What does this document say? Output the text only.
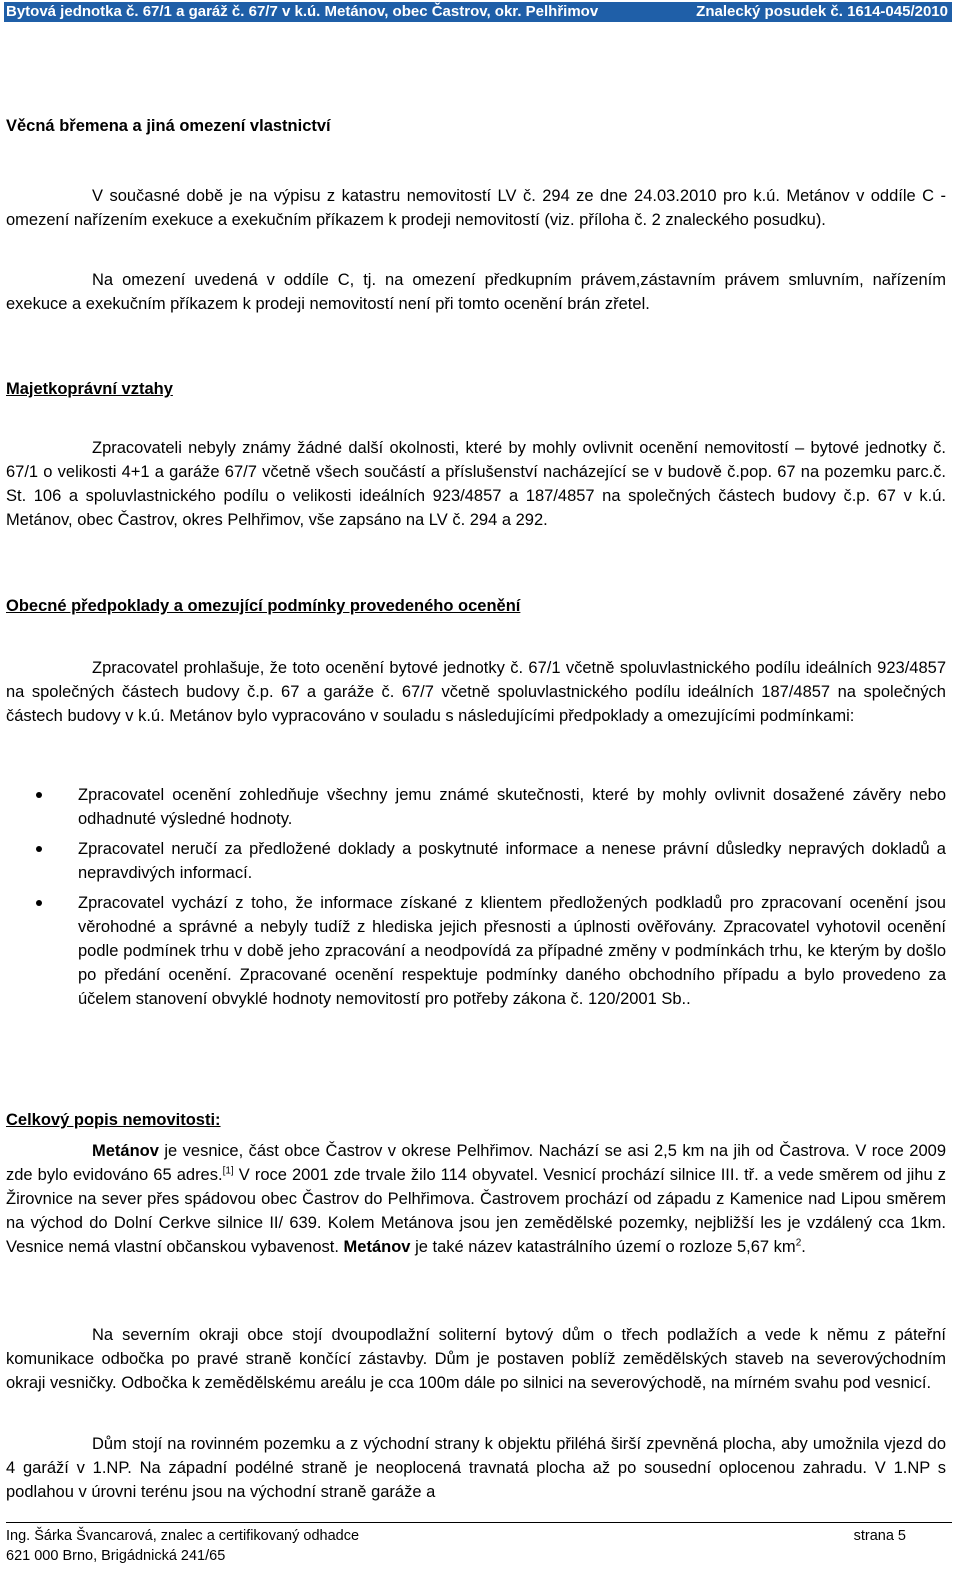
Bytová jednotka č. 67/1 a garáž č. 67/7 v k.ú. Metánov, obec Častrov, okr. Pelhřimov	Znalecký posudek č. 1614-045/2010
Věcná břemena a jiná omezení vlastnictví

V současné době je na výpisu z katastru nemovitostí LV č. 294 ze dne 24.03.2010 pro k.ú. Metánov v oddíle C - omezení nařízením exekuce a exekučním příkazem k prodeji nemovitostí (viz. příloha č. 2 znaleckého posudku).

Na omezení uvedená v oddíle C, tj. na omezení předkupním právem,zástavním právem smluvním, nařízením exekuce a exekučním příkazem k prodeji nemovitostí není při tomto ocenění brán zřetel.

Majetkoprávní vztahy

Zpracovateli nebyly známy žádné další okolnosti, které by mohly ovlivnit ocenění nemovitostí – bytové jednotky č. 67/1 o velikosti 4+1 a garáže 67/7 včetně všech součástí a příslušenství nacházející se v budově č.pop. 67 na pozemku parc.č. St. 106 a spoluvlastnického podílu o velikosti ideálních 923/4857 a 187/4857 na společných částech budovy č.p. 67 v k.ú. Metánov, obec Častrov, okres Pelhřimov, vše zapsáno na LV č. 294 a 292.

Obecné předpoklady a omezující podmínky provedeného ocenění

Zpracovatel prohlašuje, že toto ocenění bytové jednotky č. 67/1 včetně spoluvlastnického podílu ideálních 923/4857 na společných částech budovy č.p. 67 a garáže č. 67/7 včetně spoluvlastnického podílu ideálních 187/4857 na společných částech budovy v k.ú. Metánov bylo vypracováno v souladu s následujícími předpoklady a omezujícími podmínkami:

Zpracovatel ocenění zohledňuje všechny jemu známé skutečnosti, které by mohly ovlivnit dosažené závěry nebo odhadnuté výsledné hodnoty.
Zpracovatel neručí za předložené doklady a poskytnuté informace a nenese právní důsledky nepravých dokladů a nepravdivých informací.
Zpracovatel vychází z toho, že informace získané z klientem předložených podkladů pro zpracovaní ocenění jsou věrohodné a správné a nebyly tudíž z hlediska jejich přesnosti a úplnosti ověřovány. Zpracovatel vyhotovil ocenění podle podmínek trhu v době jeho zpracování a neodpovídá za případné změny v podmínkách trhu, ke kterým by došlo po předání ocenění. Zpracované ocenění respektuje podmínky daného obchodního případu a bylo provedeno za účelem stanovení obvyklé hodnoty nemovitostí pro potřeby zákona č. 120/2001 Sb..
Celkový popis nemovitosti:

Metánov je vesnice, část obce Častrov v okrese Pelhřimov. Nachází se asi 2,5 km na jih od Častrova. V roce 2009 zde bylo evidováno 65 adres.[1] V roce 2001 zde trvale žilo 114 obyvatel. Vesnicí prochází silnice III. tř. a vede směrem od jihu z Žirovnice na sever přes spádovou obec Častrov do Pelhřimova. Častrovem prochází od západu z Kamenice nad Lipou směrem na východ do Dolní Cerkve silnice II/ 639. Kolem Metánova jsou jen zemědělské pozemky, nejbližší les je vzdálený cca 1km. Vesnice nemá vlastní občanskou vybavenost. Metánov je také název katastrálního území o rozloze 5,67 $km^2$.

Na severním okraji obce stojí dvoupodlažní soliterní bytový dům o třech podlažích a vede k němu z páteřní komunikace odbočka po pravé straně končící zástavby. Dům je postaven poblíž zemědělských staveb na severovýchodním okraji vesničky. Odbočka k zemědělskému areálu je cca 100m dále po silnici na severovýchodě, na mírném svahu pod vesnicí.

Dům stojí na rovinném pozemku a z východní strany k objektu přiléhá širší zpevněná plocha, aby umožnila vjezd do 4 garáží v 1.NP. Na západní podélné straně je neoplocená travnatá plocha až po sousední oplocenou zahradu. V 1.NP s podlahou v úrovni terénu jsou na východní straně garáže a

Ing. Šárka Švancarová, znalec a certifikovaný odhadce	strana 5
621 000 Brno, Brigádnická 241/65
